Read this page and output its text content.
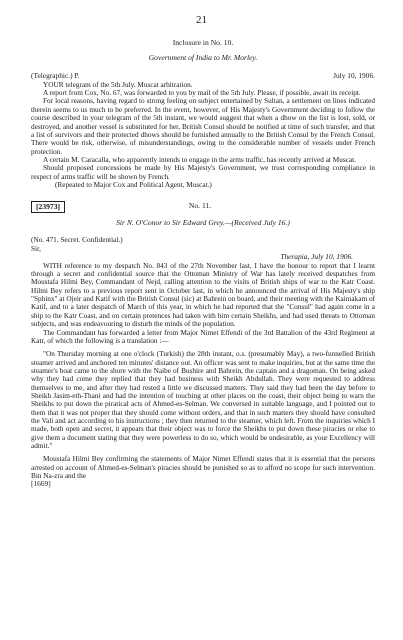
21
Inclosure in No. 10.
Government of India to Mr. Morley.
(Telegraphic.) P.	July 10, 1906.

YOUR telegram of the 5th July. Muscat arbitration.

A report from Cox, No. 67, was forwarded to you by mail of the 5th July. Please, if possible, await its receipt.

For local reasons, having regard to strong feeling on subject entertained by Sultan, a settlement on lines indicated therein seems to us much to be preferred. In the event, however, of His Majesty's Government deciding to follow the course described in your telegram of the 5th instant, we would suggest that when a dhow on the list is lost, sold, or destroyed, and another vessel is substituted for her, British Consul should be notified at time of such transfer, and that a list of survivors and their protected dhows should be furnished annually to the British Consul by the French Consul. There would be risk, otherwise, of misunderstandings, owing to the considerable number of vessels under French protection.

A certain M. Caracalla, who apparently intends to engage in the arms traffic, has recently arrived at Muscat.

Should proposed concessions be made by His Majesty's Government, we trust corresponding compliance in respect of arms traffic will be shown by French.

(Repeated to Major Cox and Political Agent, Muscat.)

[23973]	No. 11.
Sir N. O'Conor to Sir Edward Grey.—(Received July 16.)

(No. 471. Secret. Confidential.)

Sir,

Therapia, July 10, 1906.

WITH reference to my despatch No. 843 of the 27th November last, I have the honour to report that I learnt through a secret and confidential source that the Ottoman Ministry of War has lately received despatches from Moustafa Hilmi Bey, Commandant of Nejd, calling attention to the visits of British ships of war to the Katr Coast. Hilmi Bey refers to a previous report sent in October last, in which he announced the arrival of His Majesty's ship "Sphinx" at Ojeir and Katif with the British Consul (sic) at Bahrein on board, and their meeting with the Kaimakam of Katif, and to a later despatch of March of this year, in which he had reported that the "Consul" had again come in a ship to the Katr Coast, and on certain pretences had taken with him certain Sheikhs, and had used threats to Ottoman subjects, and was endeavouring to disturb the minds of the population.

The Commandant has forwarded a letter from Major Nimet Effendi of the 3rd Battalion of the 43rd Regiment at Katr, of which the following is a translation :—

"On Thursday morning at one o'clock (Turkish) the 28th instant, o.s. (presumably May), a two-funnelled British steamer arrived and anchored ten minutes' distance out. An officer was sent to make inquiries, but at the same time the steamer's boat came to the shore with the Naibe of Bushire and Bahrein, the captain and a dragoman. On being asked why they had come they replied that they had business with Sheikh Abdullah. They were requested to address themselves to me, and after they had rested a little we discussed matters. They said they had been the day before to Sheikh Jasim-eth-Thani and had the intention of touching at other places on the coast, their object being to warn the Sheikhs to put down the piratical acts of Ahmed-es-Selman. We conversed in suitable language, and I pointed out to them that it was not proper that they should come without orders, and that in such matters they should have consulted the Vali and act according to his instructions ; they then returned to the steamer, which left. From the inquiries which I made, both open and secret, it appears that their object was to force the Sheikhs to put down these piracies or else to give them a document stating that they were powerless to do so, which would be undesirable, as your Excellency will admit."

Moustafa Hilmi Bey confirming the statements of Major Nimet Effendi states that it is essential that the persons arrested on account of Ahmed-es-Selman's piracies should be punished so as to afford no scope for such intervention. Bin Na-zra and the

[1669]
